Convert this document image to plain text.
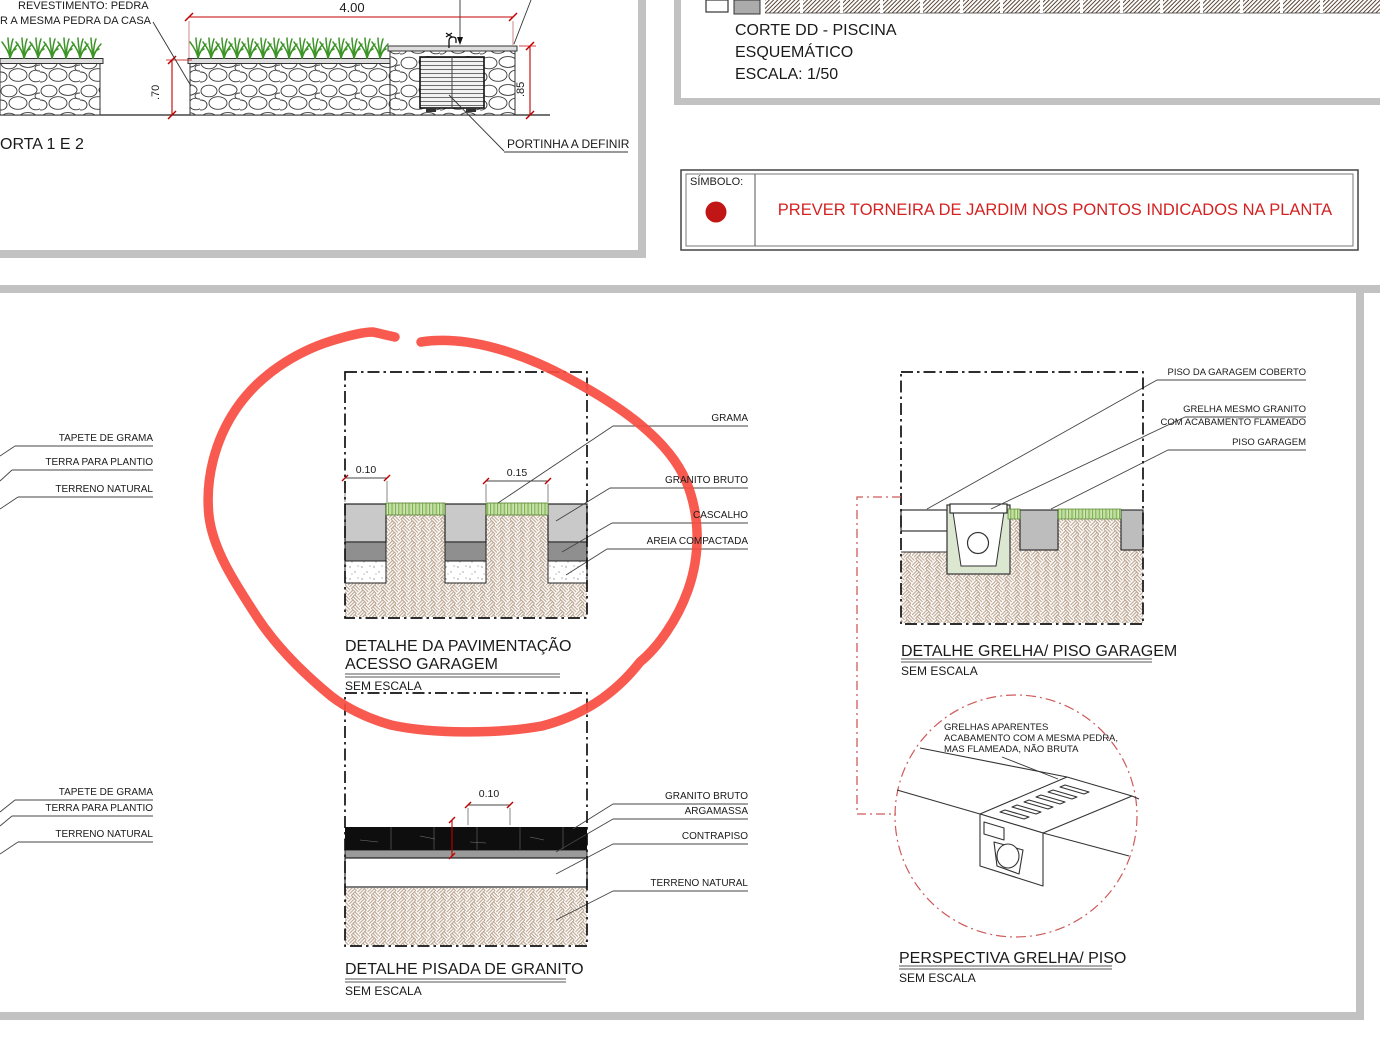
REVESTIMENTO: PEDRA
R A MESMA PEDRA DA CASA
4.00
.70	.85
ORTA 1 E 2	PORTINHA A DEFINIR
CORTE DD - PISCINA
ESQUEMÁTICO
ESCALA: 1/50
SÍMBOLO:
PREVER TORNEIRA DE JARDIM NOS PONTOS INDICADOS NA PLANTA
TAPETE DE GRAMA
TERRA PARA PLANTIO
TERRENO NATURAL
GRAMA
GRANITO BRUTO
CASCALHO
AREIA COMPACTADA
0.10	0.15
DETALHE DA PAVIMENTAÇÃO
ACESSO GARAGEM
SEM ESCALA
TAPETE DE GRAMA
TERRA PARA PLANTIO
TERRENO NATURAL
GRANITO BRUTO
ARGAMASSA
CONTRAPISO
TERRENO NATURAL
0.10
DETALHE PISADA DE GRANITO
SEM ESCALA
PISO DA GARAGEM COBERTO
GRELHA MESMO GRANITO
COM ACABAMENTO FLAMEADO
PISO GARAGEM
DETALHE GRELHA/ PISO GARAGEM
SEM ESCALA
GRELHAS APARENTES
ACABAMENTO COM A MESMA PEDRA,
MAS FLAMEADA, NÃO BRUTA
PERSPECTIVA GRELHA/ PISO
SEM ESCALA
